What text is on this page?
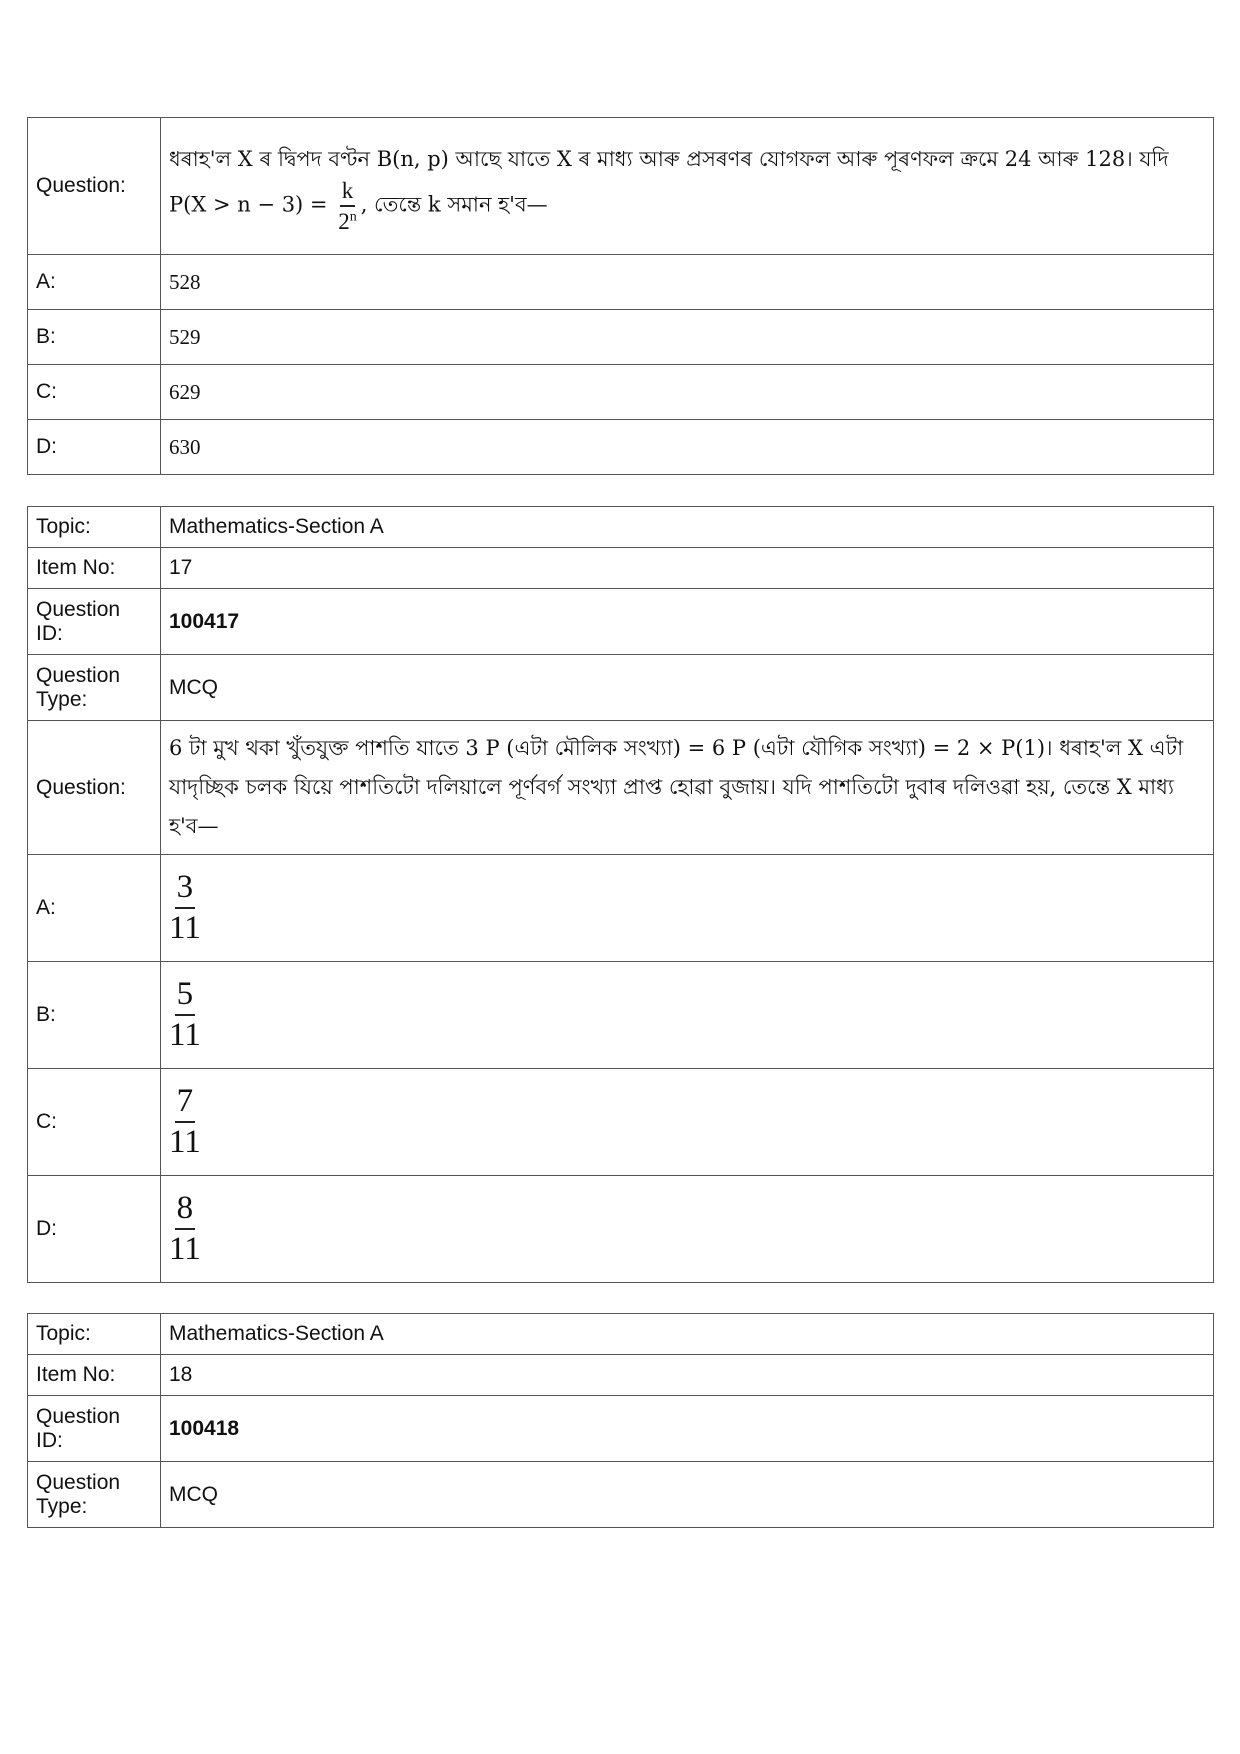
Question:	ধৰাহ'ল X ৰ দ্বিপদ বণ্টন B(n, p) আছে যাতে X ৰ মাধ্য আৰু প্ৰসৰণৰ যোগফল আৰু পূৰণফল ক্ৰমে 24 আৰু 128। যদি $P(X > n - 3) = \frac{k}{2^n}$ , তেন্তে k সমান হ'ব—
A:	528
B:	529
C:	629
D:	630
Topic:	Mathematics-Section A
Item No:	17
Question ID:	100417
Question Type:	MCQ
Question:	6 টা মুখ থকা খুঁতযুক্ত পাশতি যাতে 3 P (এটা মৌলিক সংখ্যা) = 6 P (এটা যৌগিক সংখ্যা) = 2 × P(1)। ধৰাহ'ল X এটা যাদৃচ্ছিক চলক যিয়ে পাশতিটো দলিয়ালে পূৰ্ণবৰ্গ সংখ্যা প্ৰাপ্ত হোৱা বুজায়। যদি পাশতিটো দুবাৰ দলিওৱা হয়, তেন্তে X মাধ্য হ'ব—
A:	$\frac{3}{11}$

B:	$\frac{5}{11}$

C:	$\frac{7}{11}$

D:	$\frac{8}{11}$
Topic:	Mathematics-Section A
Item No:	18
Question ID:	100418
Question Type:	MCQ
